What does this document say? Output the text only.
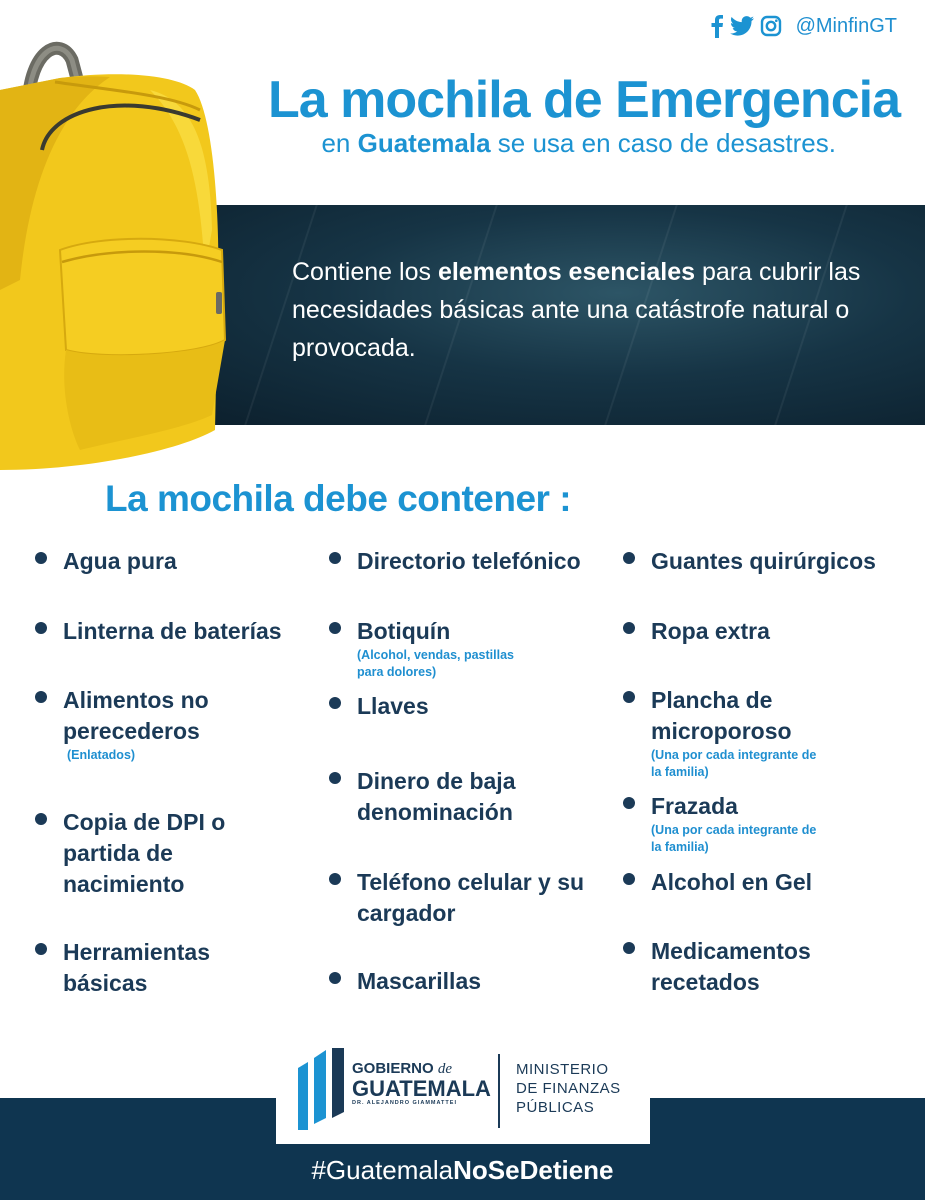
@MinfinGT
Contiene los elementos esenciales para cubrir las necesidades básicas ante una catástrofe natural o provocada.
La mochila de Emergencia

en Guatemala se usa en caso de desastres.

La mochila debe contener :
Agua pura
Linterna de baterías
Alimentos no perecederos
(Enlatados)
Copia de DPI o partida de nacimiento
Herramientas básicas
Directorio telefónico
Botiquín
(Alcohol, vendas, pastillas para dolores)
Llaves
Dinero de baja denominación
Teléfono celular y su cargador
Mascarillas
Guantes quirúrgicos
Ropa extra
Plancha de microporoso
(Una por cada integrante de la familia)
Frazada
(Una por cada integrante de la familia)
Alcohol en Gel
Medicamentos recetados
#GuatemalaNoSeDetiene
GOBIERNO de
GUATEMALA
DR. ALEJANDRO GIAMMATTEI
MINISTERIO
DE FINANZAS
PÚBLICAS
